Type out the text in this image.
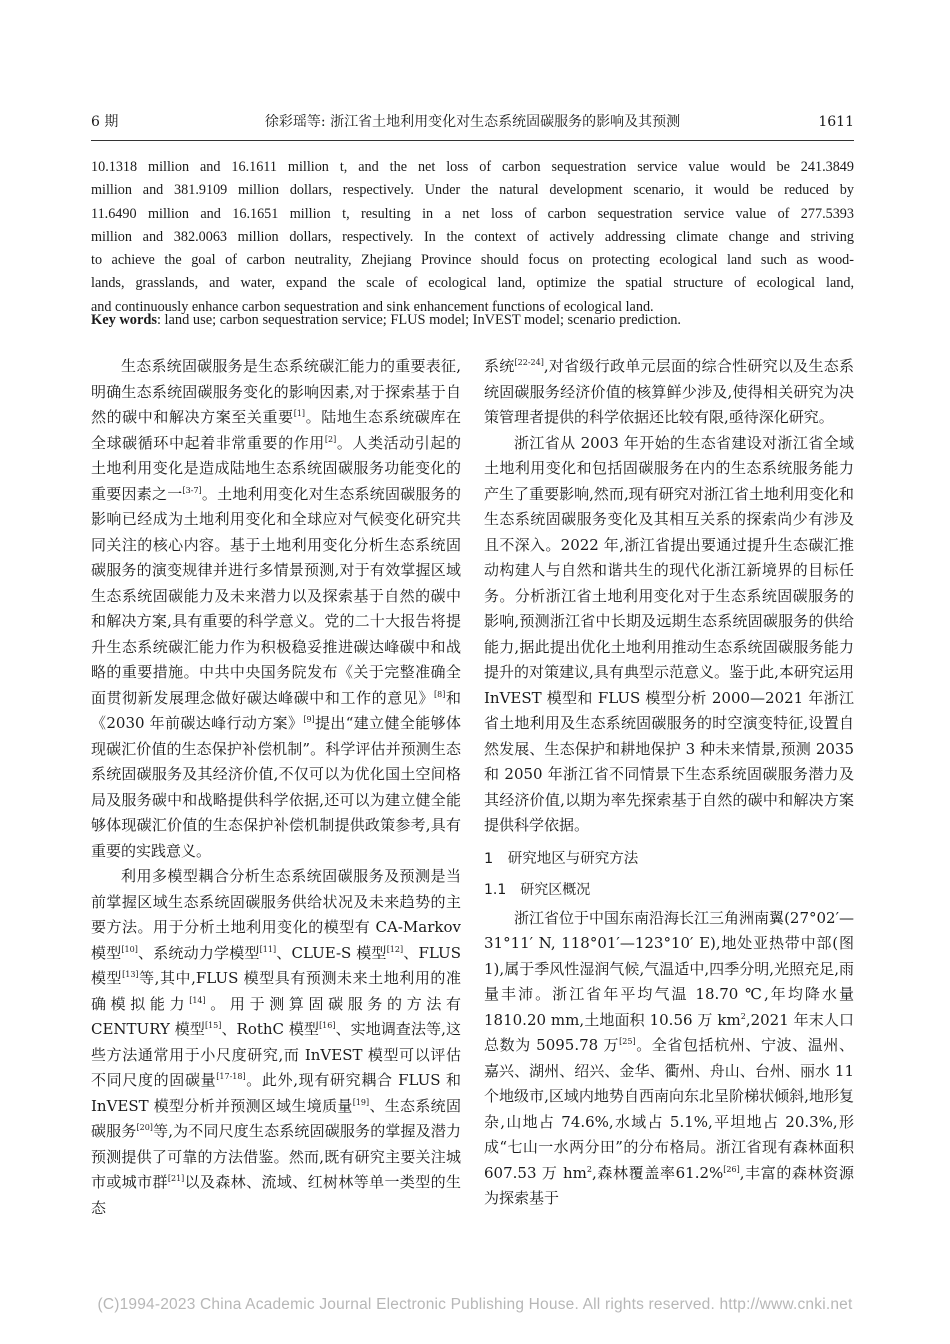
6 期	徐彩瑶等: 浙江省土地利用变化对生态系统固碳服务的影响及其预测	1611
10.1318 million and 16.1611 million t, and the net loss of carbon sequestration service value would be 241.3849
million and 381.9109 million dollars, respectively. Under the natural development scenario, it would be reduced by
11.6490 million and 16.1651 million t, resulting in a net loss of carbon sequestration service value of 277.5393
million and 382.0063 million dollars, respectively. In the context of actively addressing climate change and striving
to achieve the goal of carbon neutrality, Zhejiang Province should focus on protecting ecological land such as wood-
lands, grasslands, and water, expand the scale of ecological land, optimize the spatial structure of ecological land,
and continuously enhance carbon sequestration and sink enhancement functions of ecological land.
Key words: land use; carbon sequestration service; FLUS model; InVEST model; scenario prediction.

生态系统固碳服务是生态系统碳汇能力的重要表征,明确生态系统固碳服务变化的影响因素,对于探索基于自然的碳中和解决方案至关重要[1]。陆地生态系统碳库在全球碳循环中起着非常重要的作用[2]。人类活动引起的土地利用变化是造成陆地生态系统固碳服务功能变化的重要因素之一[3-7]。土地利用变化对生态系统固碳服务的影响已经成为土地利用变化和全球应对气候变化研究共同关注的核心内容。基于土地利用变化分析生态系统固碳服务的演变规律并进行多情景预测,对于有效掌握区域生态系统固碳能力及未来潜力以及探索基于自然的碳中和解决方案,具有重要的科学意义。党的二十大报告将提升生态系统碳汇能力作为积极稳妥推进碳达峰碳中和战略的重要措施。中共中央国务院发布《关于完整准确全面贯彻新发展理念做好碳达峰碳中和工作的意见》[8]和《2030 年前碳达峰行动方案》[9]提出“建立健全能够体现碳汇价值的生态保护补偿机制”。科学评估并预测生态系统固碳服务及其经济价值,不仅可以为优化国土空间格局及服务碳中和战略提供科学依据,还可以为建立健全能够体现碳汇价值的生态保护补偿机制提供政策参考,具有重要的实践意义。

利用多模型耦合分析生态系统固碳服务及预测是当前掌握区域生态系统固碳服务供给状况及未来趋势的主要方法。用于分析土地利用变化的模型有 CA-Markov 模型[10]、系统动力学模型[11]、CLUE-S 模型[12]、FLUS 模型[13]等,其中,FLUS 模型具有预测未来土地利用的准确模拟能力[14]。用于测算固碳服务的方法有 CENTURY 模型[15]、RothC 模型[16]、实地调查法等,这些方法通常用于小尺度研究,而 InVEST 模型可以评估不同尺度的固碳量[17-18]。此外,现有研究耦合 FLUS 和 InVEST 模型分析并预测区域生境质量[19]、生态系统固碳服务[20]等,为不同尺度生态系统固碳服务的掌握及潜力预测提供了可靠的方法借鉴。然而,既有研究主要关注城市或城市群[21]以及森林、流域、红树林等单一类型的生态

系统[22-24],对省级行政单元层面的综合性研究以及生态系统固碳服务经济价值的核算鲜少涉及,使得相关研究为决策管理者提供的科学依据还比较有限,亟待深化研究。

浙江省从 2003 年开始的生态省建设对浙江省全域土地利用变化和包括固碳服务在内的生态系统服务能力产生了重要影响,然而,现有研究对浙江省土地利用变化和生态系统固碳服务变化及其相互关系的探索尚少有涉及且不深入。2022 年,浙江省提出要通过提升生态碳汇推动构建人与自然和谐共生的现代化浙江新境界的目标任务。分析浙江省土地利用变化对于生态系统固碳服务的影响,预测浙江省中长期及远期生态系统固碳服务的供给能力,据此提出优化土地利用推动生态系统固碳服务能力提升的对策建议,具有典型示范意义。鉴于此,本研究运用 InVEST 模型和 FLUS 模型分析 2000—2021 年浙江省土地利用及生态系统固碳服务的时空演变特征,设置自然发展、生态保护和耕地保护 3 种未来情景,预测 2035 和 2050 年浙江省不同情景下生态系统固碳服务潜力及其经济价值,以期为率先探索基于自然的碳中和解决方案提供科学依据。

1　研究地区与研究方法

1.1　研究区概况

浙江省位于中国东南沿海长江三角洲南翼(27°02′—31°11′ N, 118°01′—123°10′ E),地处亚热带中部(图 1),属于季风性湿润气候,气温适中,四季分明,光照充足,雨量丰沛。浙江省年平均气温 18.70 ℃,年均降水量 1810.20 mm,土地面积 10.56 万 $km^2,2021$ 年末人口总数为 5095.78 万[25]。全省包括杭州、宁波、温州、嘉兴、湖州、绍兴、金华、衢州、舟山、台州、丽水 11 个地级市,区域内地势自西南向东北呈阶梯状倾斜,地形复杂,山地占 74.6%,水域占 5.1%,平坦地占 20.3%,形成“七山一水两分田”的分布格局。浙江省现有森林面积 607.53 万 $hm^2$,森林覆盖率61.2%[26],丰富的森林资源为探索基于

(C)1994-2023 China Academic Journal Electronic Publishing House. All rights reserved. http://www.cnki.net
